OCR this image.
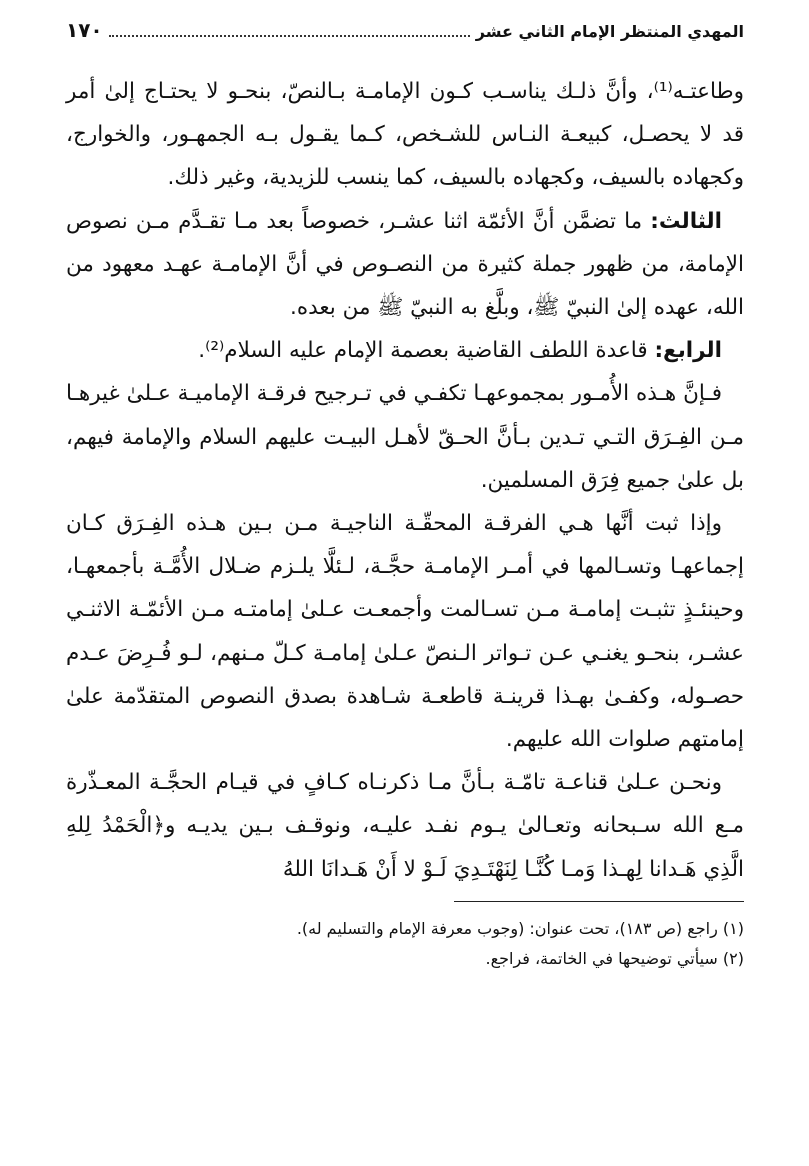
المهدي المنتظر الإمام الثاني عشر
١٧٠

وطاعتـه⁽¹⁾، وأنَّ ذلـك يناسـب كـون الإمامـة بـالنصّ، بنحـو لا يحتـاج إلىٰ أمر قد لا يحصـل، كبيعـة النـاس للشـخص، كـما يقـول بـه الجمهـور، والخوارج، وكجهاده بالسيف، وكجهاده بالسيف، كما ينسب للزيدية، وغير ذلك.

الثالث: ما تضمَّن أنَّ الأئمّة اثنا عشـر، خصوصاً بعد مـا تقـدَّم مـن نصوص الإمامة، من ظهور جملة كثيرة من النصـوص في أنَّ الإمامـة عهـد معهود من الله، عهده إلىٰ النبيّ ﷺ، وبلَّغ به النبيّ ﷺ من بعده.

الرابع: قاعدة اللطف القاضية بعصمة الإمام عليه السلام⁽²⁾.

فـإنَّ هـذه الأُمـور بمجموعهـا تكفـي في تـرجيح فرقـة الإماميـة عـلىٰ غيرهـا مـن الفِـرَق التـي تـدين بـأنَّ الحـقّ لأهـل البيـت عليهم السلام والإمامة فيهم، بل علىٰ جميع فِرَق المسلمين.

وإذا ثبت أنَّها هـي الفرقـة المحقّـة الناجيـة مـن بـين هـذه الفِـرَق كـان إجماعهـا وتسـالمها في أمـر الإمامـة حجَّـة، لـئلَّا يلـزم ضـلال الأُمَّـة بأجمعهـا، وحينئـذٍ تثبـت إمامـة مـن تسـالمت وأجمعـت عـلىٰ إمامتـه مـن الأئمّـة الاثنـي عشـر، بنحـو يغنـي عـن تـواتر الـنصّ عـلىٰ إمامـة كـلّ مـنهم، لـو فُـرِضَ عـدم حصـوله، وكفـىٰ بهـذا قرينـة قاطعـة شـاهدة بصدق النصوص المتقدّمة علىٰ إمامتهم صلوات الله عليهم.

ونحـن عـلىٰ قناعـة تامّـة بـأنَّ مـا ذكرنـاه كـافٍ في قيـام الحجَّـة المعـذّرة مـع الله سـبحانه وتعـالىٰ يـوم نفـد عليـه، ونوقـف بـين يديـه و﴿الْحَمْدُ لِلهِ الَّذِي هَـدانا لِهـذا وَمـا كُنَّـا لِنَهْتَـدِيَ لَـوْ لا أَنْ هَـدانَا اللهُ

(١) راجع (ص ١٨٣)، تحت عنوان: (وجوب معرفة الإمام والتسليم له).

(٢) سيأتي توضيحها في الخاتمة، فراجع.
